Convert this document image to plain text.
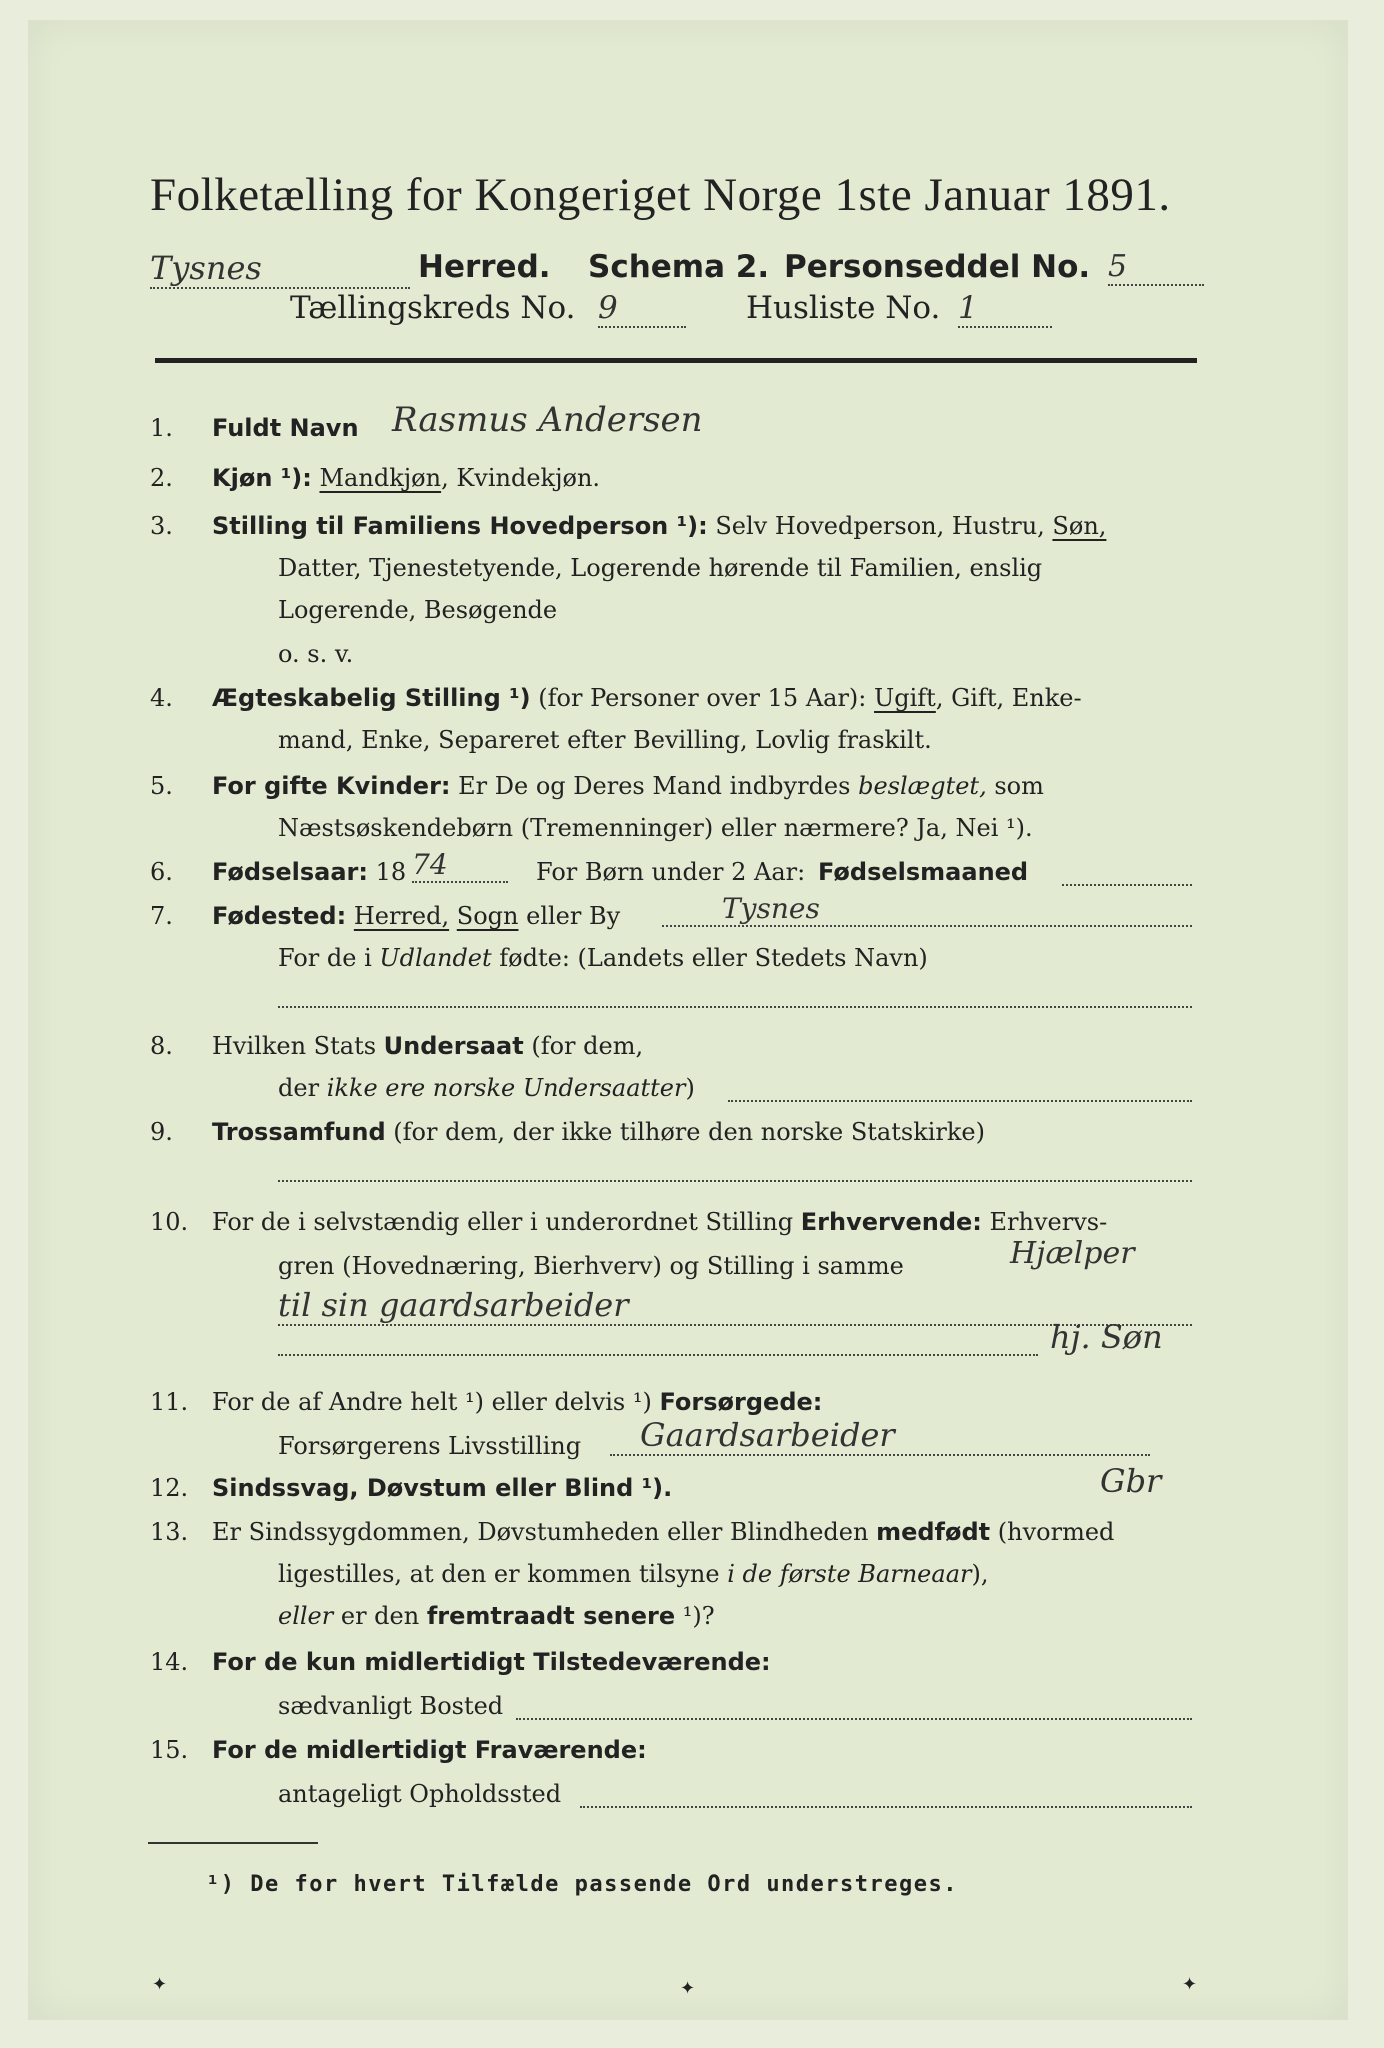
Folketælling for Kongeriget Norge 1ste Januar 1891.
Tysnes	Herred. Schema 2. Personseddel No. 5
Tællingskreds No. 9	Husliste No. 1
1. Fuldt Navn Rasmus Andersen
2. Kjøn ¹): Mandkjøn, Kvindekjøn.
3. Stilling til Familiens Hovedperson ¹): Selv Hovedperson, Hustru, Søn,
Datter, Tjenestetyende, Logerende hørende til Familien, enslig
Logerende, Besøgende
o. s. v.
4. Ægteskabelig Stilling ¹) (for Personer over 15 Aar): Ugift, Gift, Enke-
mand, Enke, Separeret efter Bevilling, Lovlig fraskilt.
5. For gifte Kvinder: Er De og Deres Mand indbyrdes beslægtet, som
Næstsøskendebørn (Tremenninger) eller nærmere? Ja, Nei ¹).
6. Fødselsaar: 18 74	For Børn under 2 Aar: Fødselsmaaned
7. Fødested: Herred, Sogn eller By	Tysnes
For de i Udlandet fødte: (Landets eller Stedets Navn)
8. Hvilken Stats Undersaat (for dem,
der ikke ere norske Undersaatter)
9. Trossamfund (for dem, der ikke tilhøre den norske Statskirke)
10. For de i selvstændig eller i underordnet Stilling Erhvervende: Erhvervs-
gren (Hovednæring, Bierhverv) og Stilling i samme	Hjælper
til sin gaardsarbeider
hj. Søn
11. For de af Andre helt ¹) eller delvis ¹) Forsørgede:
Forsørgerens Livsstilling	Gaardsarbeider
Gbr
12. Sindssvag, Døvstum eller Blind ¹).
13. Er Sindssygdommen, Døvstumheden eller Blindheden medfødt (hvormed
ligestilles, at den er kommen tilsyne i de første Barneaar),
eller er den fremtraadt senere ¹)?
14. For de kun midlertidigt Tilstedeværende:
sædvanligt Bosted
15. For de midlertidigt Fraværende:
antageligt Opholdssted
¹) De for hvert Tilfælde passende Ord understreges.
✦	✦	✦
